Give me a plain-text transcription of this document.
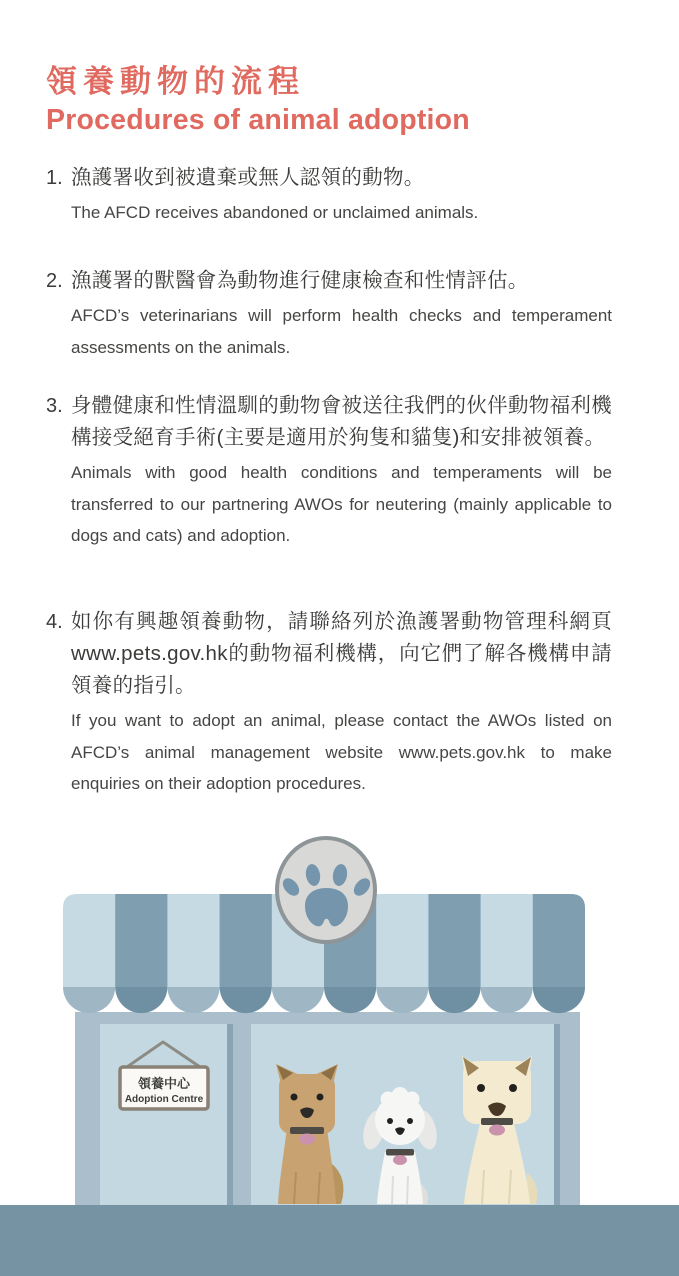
領養動物的流程

Procedures of animal adoption

1. 漁護署收到被遺棄或無人認領的動物。

The AFCD receives abandoned or unclaimed animals.

2. 漁護署的獸醫會為動物進行健康檢查和性情評估。

AFCD’s veterinarians will perform health checks and temperament assessments on the animals.

3. 身體健康和性情溫馴的動物會被送往我們的伙伴動物福利機構接受絕育手術(主要是適用於狗隻和貓隻)和安排被領養。

Animals with good health conditions and temperaments will be transferred to our partnering AWOs for neutering (mainly applicable to dogs and cats) and adoption.

4. 如你有興趣領養動物，請聯絡列於漁護署動物管理科網頁www.pets.gov.hk的動物福利機構，向它們了解各機構申請領養的指引。

If you want to adopt an animal, please contact the AWOs listed on AFCD’s animal management website www.pets.gov.hk to make enquiries on their adoption procedures.

領養中心
Adoption Centre
